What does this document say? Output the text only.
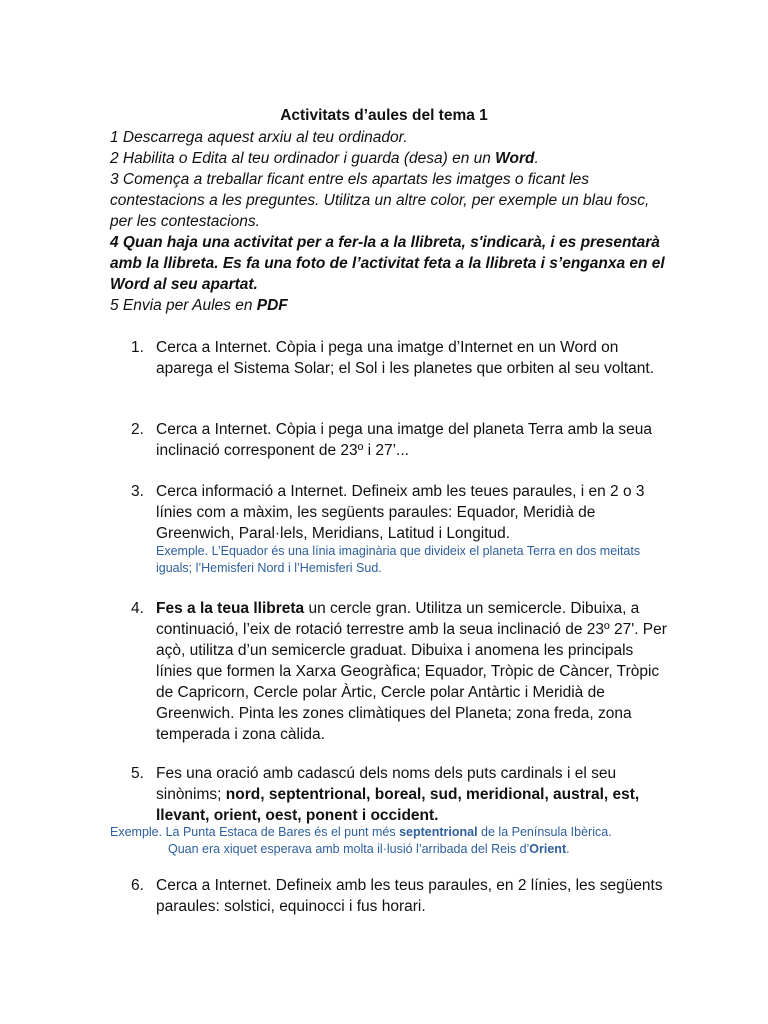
Activitats d’aules del tema 1

1 Descarrega aquest arxiu al teu ordinador.

2 Habilita o Edita al teu ordinador i guarda (desa) en un Word.

3 Comença a treballar ficant entre els apartats les imatges o ficant les contestacions a les preguntes. Utilitza un altre color, per exemple un blau fosc, per les contestacions.

4 Quan haja una activitat per a fer-la a la llibreta, s'indicarà, i es presentarà amb la llibreta. Es fa una foto de l’activitat feta a la llibreta i s’enganxa en el Word al seu apartat.

5 Envia per Aules en PDF

1. Cerca a Internet. Còpia i pega una imatge d’Internet en un Word on aparega el Sistema Solar; el Sol i les planetes que orbiten al seu voltant.
2. Cerca a Internet. Còpia i pega una imatge del planeta Terra amb la seua inclinació corresponent de 23º i 27’...
3. Cerca informació a Internet. Defineix amb les teues paraules, i en 2 o 3 línies com a màxim, les següents paraules: Equador, Meridià de Greenwich, Paral·lels, Meridians, Latitud i Longitud.
Exemple. L’Equador és una línia imaginària que divideix el planeta Terra en dos meitats iguals; l’Hemisferi Nord i l’Hemisferi Sud.
4. Fes a la teua llibreta un cercle gran. Utilitza un semicercle. Dibuixa, a continuació, l’eix de rotació terrestre amb la seua inclinació de 23º 27'. Per açò, utilitza d’un semicercle graduat. Dibuixa i anomena les principals línies que formen la Xarxa Geogràfica; Equador, Tròpic de Càncer, Tròpic de Capricorn, Cercle polar Àrtic, Cercle polar Antàrtic i Meridià de Greenwich. Pinta les zones climàtiques del Planeta; zona freda, zona temperada i zona càlida.
5. Fes una oració amb cadascú dels noms dels puts cardinals i el seu sinònims; nord, septentrional, boreal, sud, meridional, austral, est, llevant, orient, oest, ponent i occident.
Exemple. La Punta Estaca de Bares és el punt més septentrional de la Península Ibèrica.
Quan era xiquet esperava amb molta il·lusió l’arribada del Reis d’Orient.
6. Cerca a Internet. Defineix amb les teus paraules, en 2 línies, les següents paraules: solstici, equinocci i fus horari.
